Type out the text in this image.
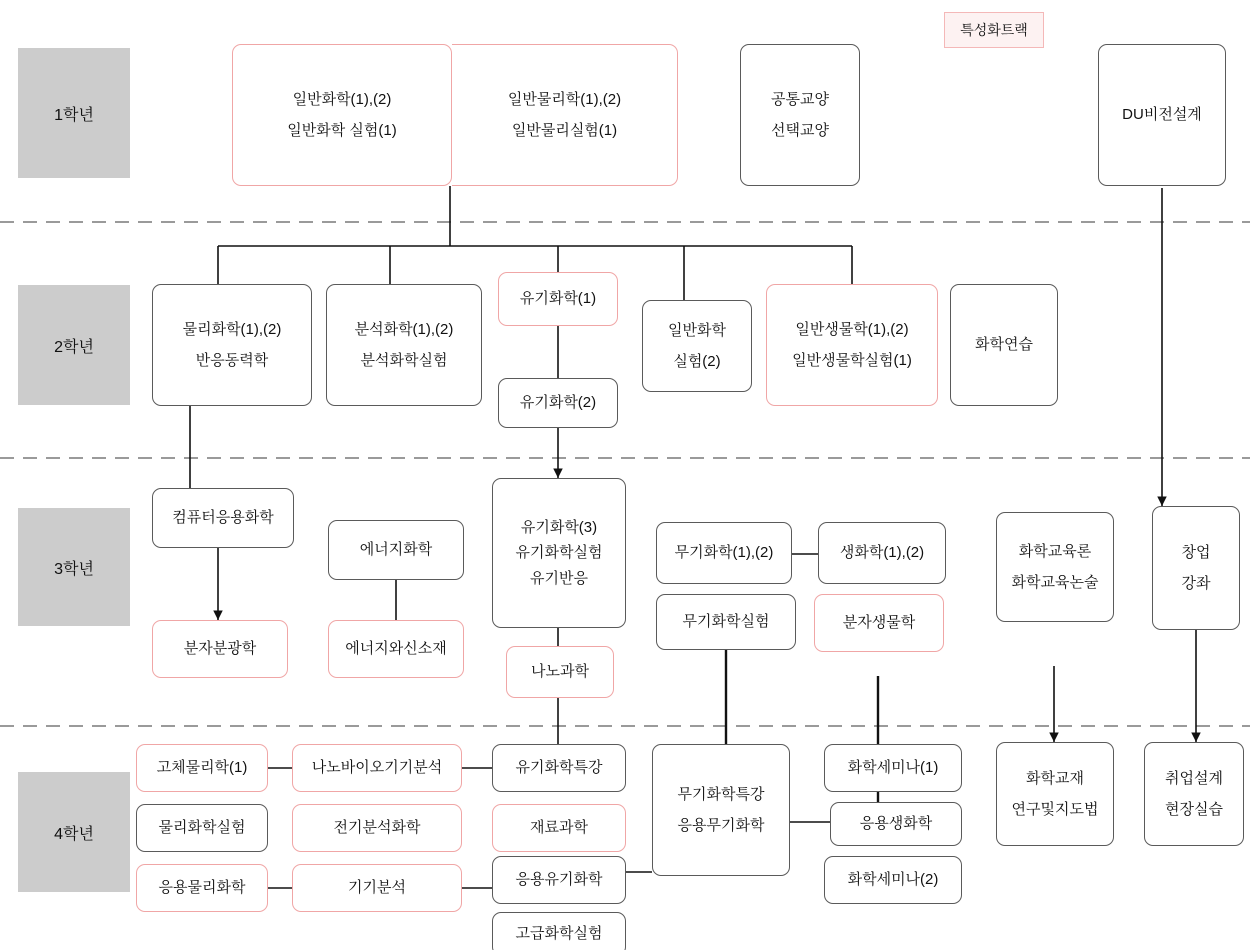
1학년
2학년
3학년
4학년
특성화트랙
일반화학(1),(2)
일반화학 실험(1)
일반물리학(1),(2)
일반물리실험(1)
공통교양
선택교양
DU비전설계
물리화학(1),(2)
반응동력학
분석화학(1),(2)
분석화학실험
유기화학(1)
유기화학(2)
일반화학
실험(2)
일반생물학(1),(2)
일반생물학실험(1)
화학연습
컴퓨터응용화학
분자분광학
에너지화학
에너지와신소재
유기화학(3)
유기화학실험
유기반응
나노과학
무기화학(1),(2)	생화학(1),(2)
무기화학실험	분자생물학
화학교육론
화학교육논술
창업
강좌
고체물리학(1)	나노바이오기기분석	유기화학특강	화학세미나(1)
화학교재
연구및지도법
취업설계
현장실습
물리화학실험	전기분석화학	재료과학
무기화학특강
응용무기화학	응용생화학
응용물리화학	기기분석	응용유기화학	화학세미나(2)
고급화학실험
